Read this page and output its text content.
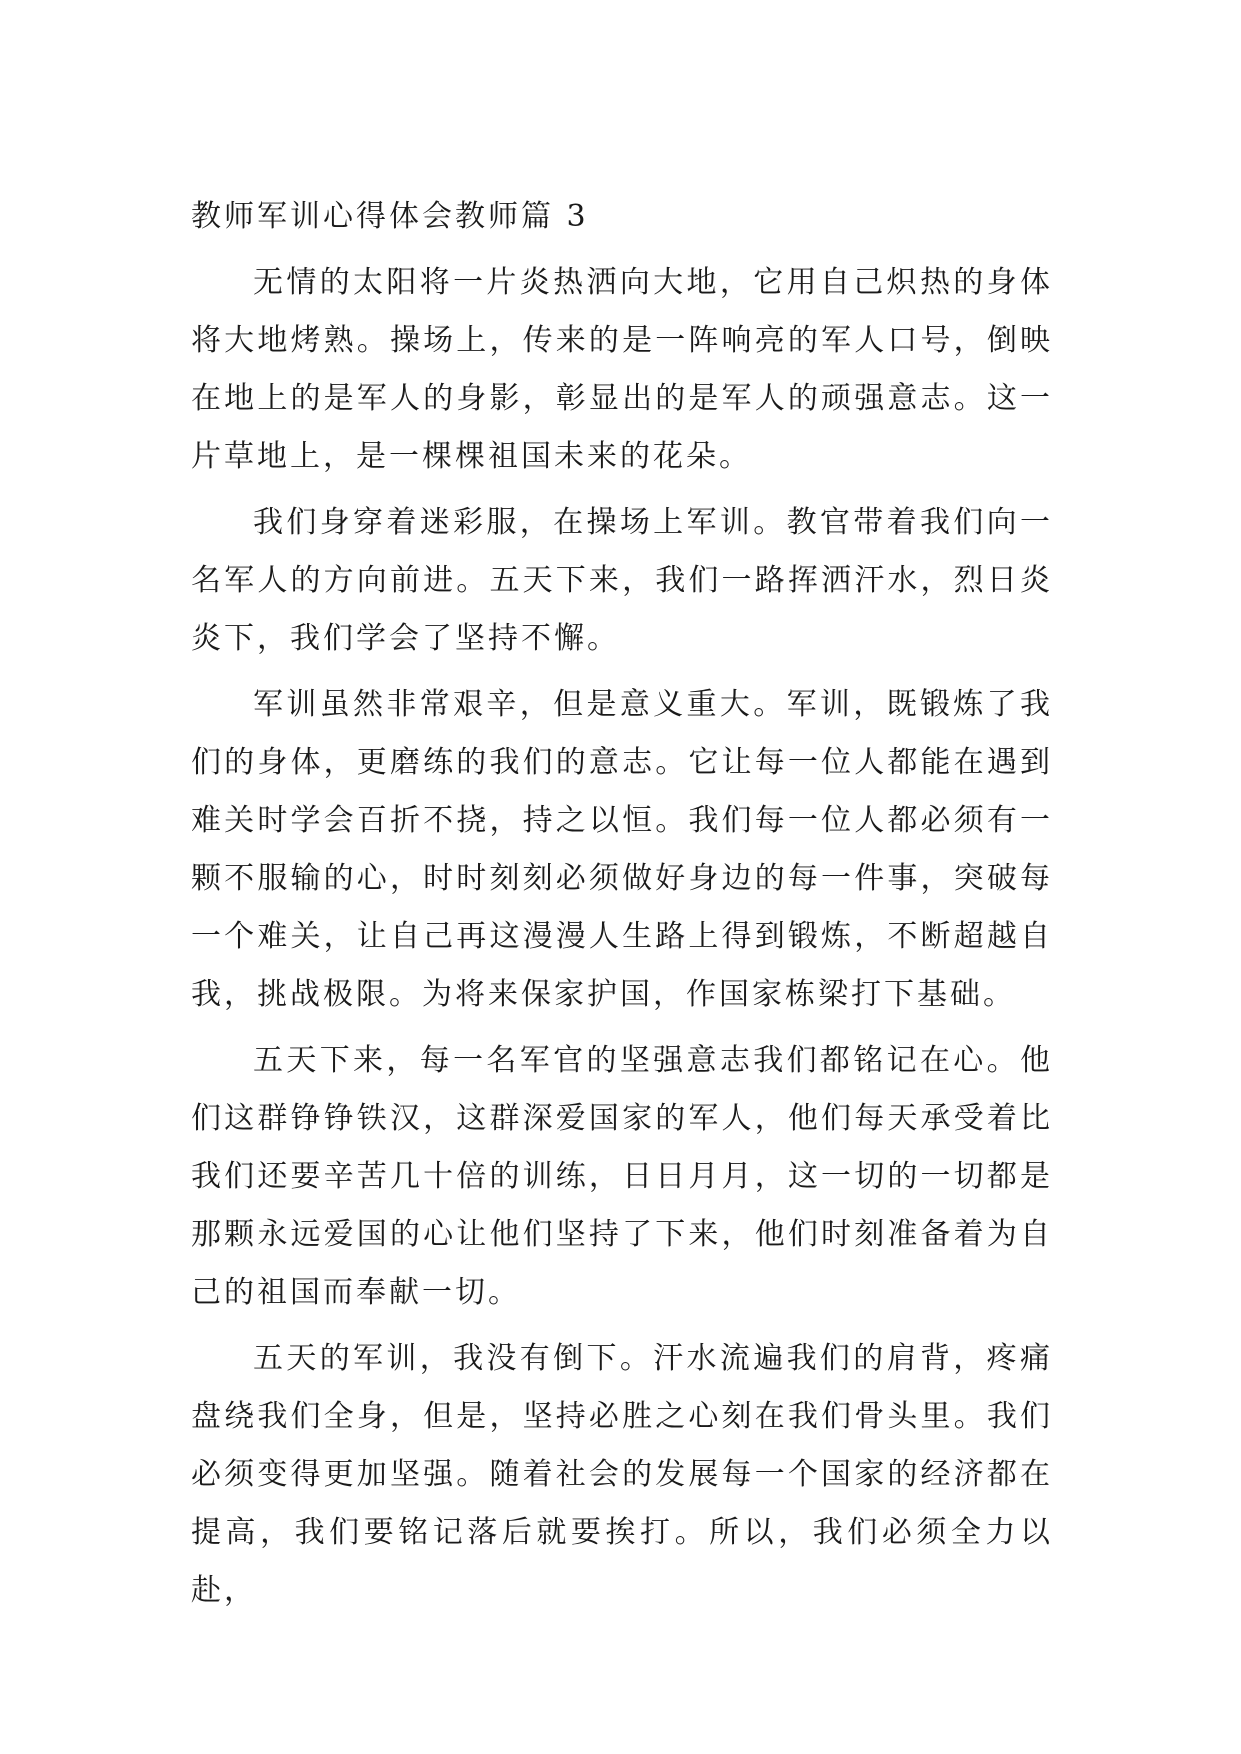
教师军训心得体会教师篇 3

无情的太阳将一片炎热洒向大地，它用自己炽热的身体将大地烤熟。操场上，传来的是一阵响亮的军人口号，倒映在地上的是军人的身影，彰显出的是军人的顽强意志。这一片草地上，是一棵棵祖国未来的花朵。

我们身穿着迷彩服，在操场上军训。教官带着我们向一名军人的方向前进。五天下来，我们一路挥洒汗水，烈日炎炎下，我们学会了坚持不懈。

军训虽然非常艰辛，但是意义重大。军训，既锻炼了我们的身体，更磨练的我们的意志。它让每一位人都能在遇到难关时学会百折不挠，持之以恒。我们每一位人都必须有一颗不服输的心，时时刻刻必须做好身边的每一件事，突破每一个难关，让自己再这漫漫人生路上得到锻炼，不断超越自我，挑战极限。为将来保家护国，作国家栋梁打下基础。

五天下来，每一名军官的坚强意志我们都铭记在心。他们这群铮铮铁汉，这群深爱国家的军人，他们每天承受着比我们还要辛苦几十倍的训练，日日月月，这一切的一切都是那颗永远爱国的心让他们坚持了下来，他们时刻准备着为自己的祖国而奉献一切。

五天的军训，我没有倒下。汗水流遍我们的肩背，疼痛盘绕我们全身，但是，坚持必胜之心刻在我们骨头里。我们必须变得更加坚强。随着社会的发展每一个国家的经济都在提高，我们要铭记落后就要挨打。所以，我们必须全力以赴，
